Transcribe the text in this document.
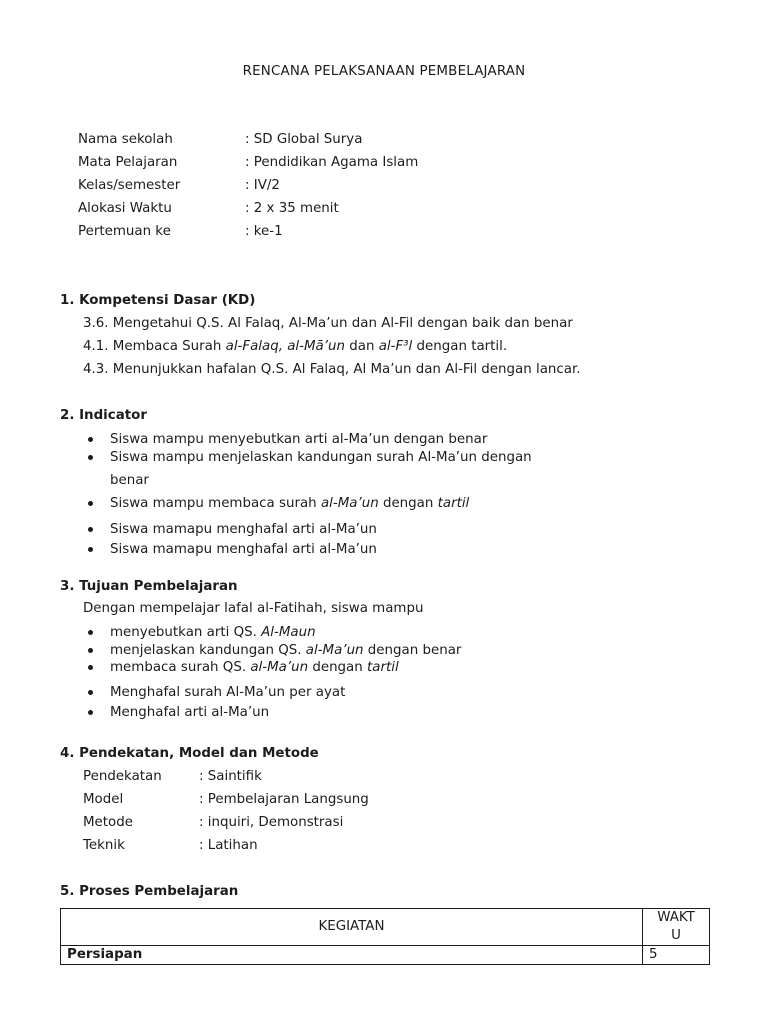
RENCANA PELAKSANAAN PEMBELAJARAN
Nama sekolah	: SD Global Surya
Mata Pelajaran	: Pendidikan Agama Islam
Kelas/semester	: IV/2
Alokasi Waktu	: 2 x 35 menit
Pertemuan ke	: ke-1
1. Kompetensi Dasar (KD)
3.6. Mengetahui Q.S. Al Falaq, Al-Ma’un dan Al-Fil dengan baik dan benar
4.1. Membaca Surah al-Falaq, al-Mā’un dan al-F³l dengan tartil.
4.3. Menunjukkan hafalan Q.S. Al Falaq, Al Ma’un dan Al-Fil dengan lancar.
2. Indicator
Siswa mampu menyebutkan arti al-Ma’un dengan benar
Siswa mampu menjelaskan kandungan surah Al-Ma’un dengan
benar
Siswa mampu membaca surah al-Ma’un dengan tartil
Siswa mamapu menghafal arti al-Ma’un
Siswa mamapu menghafal arti al-Ma’un
3. Tujuan Pembelajaran
Dengan mempelajar lafal al-Fatihah, siswa mampu
menyebutkan arti QS. Al-Maun
menjelaskan kandungan QS. al-Ma’un dengan benar
membaca surah QS. al-Ma’un dengan tartil
Menghafal surah Al-Ma’un per ayat
Menghafal arti al-Ma’un
4. Pendekatan, Model dan Metode
Pendekatan	: Saintifik
Model	: Pembelajaran Langsung
Metode	: inquiri, Demonstrasi
Teknik	: Latihan
5. Proses Pembelajaran
KEGIATAN	WAKT
U

Persiapan	5
